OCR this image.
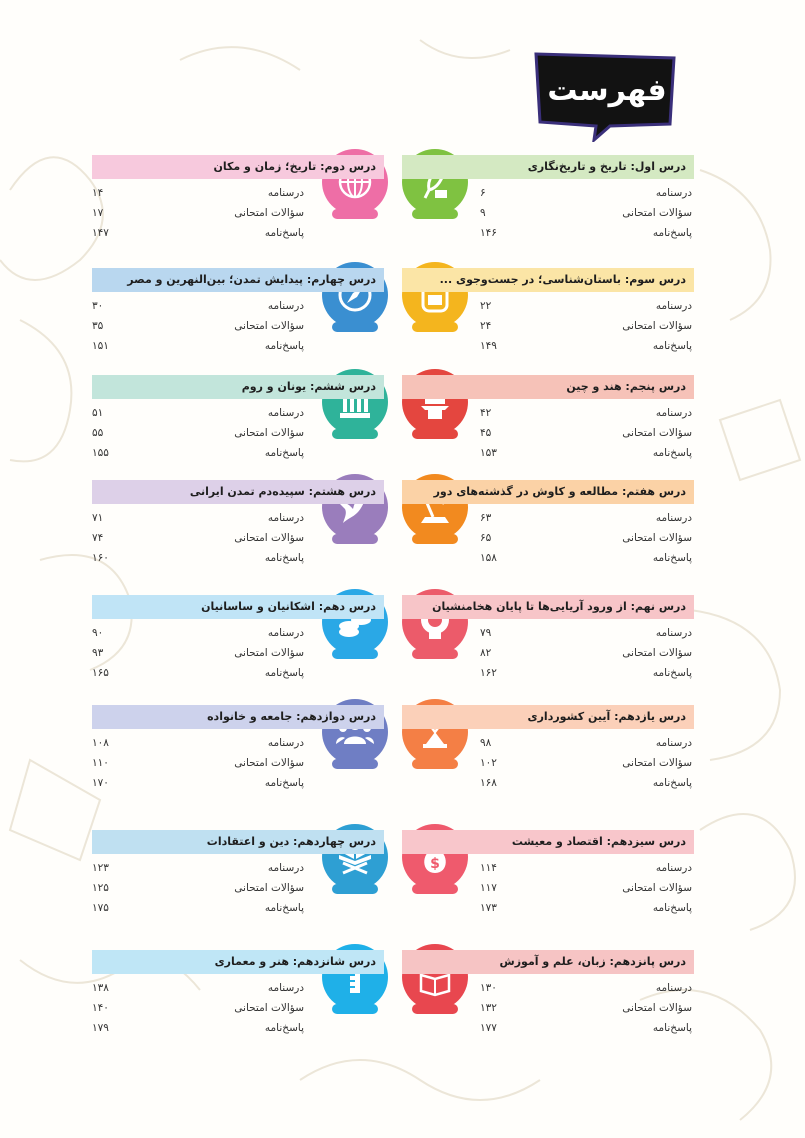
فهرست
درس اول: تاریخ و تاریخ‌نگاری
درسنامه
۶
سؤالات امتحانی
۹
پاسخ‌نامه
۱۴۶
درس دوم: تاریخ؛ زمان و مکان
درسنامه
۱۴
سؤالات امتحانی
۱۷
پاسخ‌نامه
۱۴۷
درس سوم: باستان‌شناسی؛ در جست‌وجوی ...
درسنامه
۲۲
سؤالات امتحانی
۲۴
پاسخ‌نامه
۱۴۹
درس چهارم: پیدایش تمدن؛ بین‌النهرین و مصر
درسنامه
۳۰
سؤالات امتحانی
۳۵
پاسخ‌نامه
۱۵۱
درس پنجم: هند و چین
درسنامه
۴۲
سؤالات امتحانی
۴۵
پاسخ‌نامه
۱۵۳
درس ششم: یونان و روم
درسنامه
۵۱
سؤالات امتحانی
۵۵
پاسخ‌نامه
۱۵۵
درس هفتم: مطالعه و کاوش در گذشته‌های دور
درسنامه
۶۳
سؤالات امتحانی
۶۵
پاسخ‌نامه
۱۵۸
درس هشتم: سپیده‌دم تمدن ایرانی
درسنامه
۷۱
سؤالات امتحانی
۷۴
پاسخ‌نامه
۱۶۰
درس نهم: از ورود آریایی‌ها تا پایان هخامنشیان
درسنامه
۷۹
سؤالات امتحانی
۸۲
پاسخ‌نامه
۱۶۲
درس دهم: اشکانیان و ساسانیان
درسنامه
۹۰
سؤالات امتحانی
۹۳
پاسخ‌نامه
۱۶۵
درس یازدهم: آیین کشورداری
درسنامه
۹۸
سؤالات امتحانی
۱۰۲
پاسخ‌نامه
۱۶۸
درس دوازدهم: جامعه و خانواده
درسنامه
۱۰۸
سؤالات امتحانی
۱۱۰
پاسخ‌نامه
۱۷۰
$
درس سیزدهم: اقتصاد و معیشت
درسنامه
۱۱۴
سؤالات امتحانی
۱۱۷
پاسخ‌نامه
۱۷۳
درس چهاردهم: دین و اعتقادات
درسنامه
۱۲۳
سؤالات امتحانی
۱۲۵
پاسخ‌نامه
۱۷۵
درس پانزدهم: زبان، علم و آموزش
درسنامه
۱۳۰
سؤالات امتحانی
۱۳۲
پاسخ‌نامه
۱۷۷
درس شانزدهم: هنر و معماری
درسنامه
۱۳۸
سؤالات امتحانی
۱۴۰
پاسخ‌نامه
۱۷۹
